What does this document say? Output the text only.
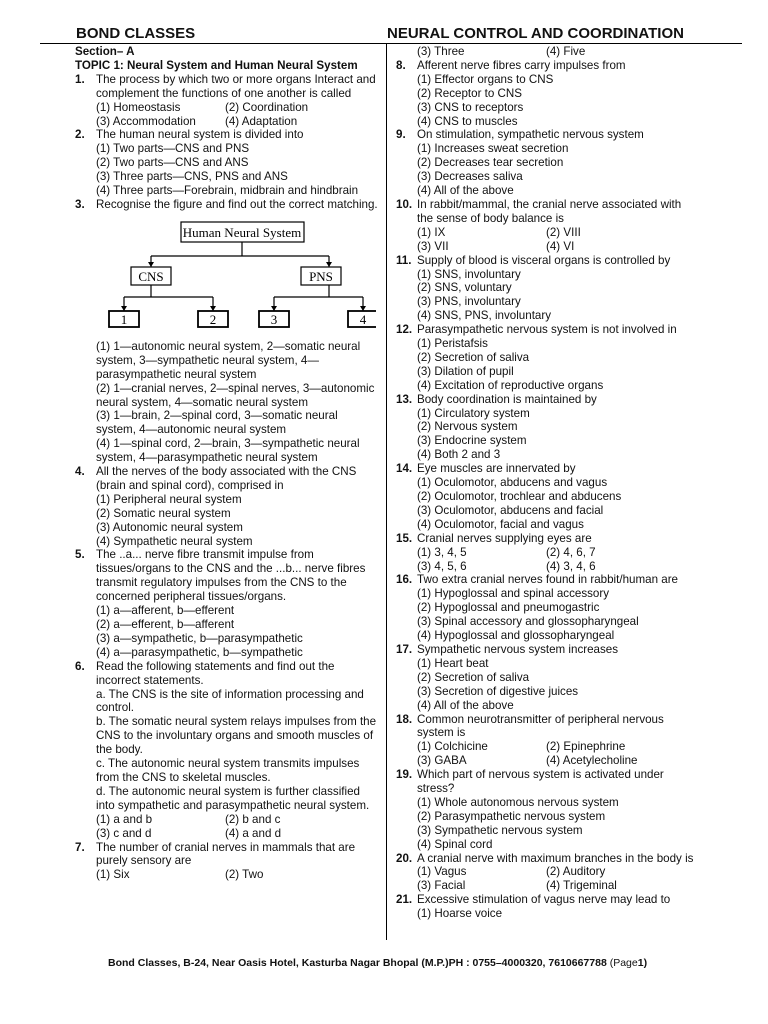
BOND CLASSES	NEURAL CONTROL AND COORDINATION
Section– A
TOPIC 1: Neural System and Human Neural System
1. The process by which two or more organs Interact and complement the functions of one another is called
(1) Homeostasis	(2) Coordination
(3) Accommodation	(4) Adaptation
2. The human neural system is divided into
(1) Two parts—CNS and PNS
(2) Two parts—CNS and ANS
(3) Three parts—CNS, PNS and ANS
(4) Three parts—Forebrain, midbrain and hindbrain
3. Recognise the figure and find out the correct matching.
Human Neural System
CNS	PNS
1	2	3	4
(1) 1—autonomic neural system, 2—somatic neural system, 3—sympathetic neural system, 4—parasympathetic neural system
(2) 1—cranial nerves, 2—spinal nerves, 3—autonomic neural system, 4—somatic neural system
(3) 1—brain, 2—spinal cord, 3—somatic neural system, 4—autonomic neural system
(4) 1—spinal cord, 2—brain, 3—sympathetic neural system, 4—parasympathetic neural system
4. All the nerves of the body associated with the CNS (brain and spinal cord), comprised in
(1) Peripheral neural system
(2) Somatic neural system
(3) Autonomic neural system
(4) Sympathetic neural system
5. The ..a... nerve fibre transmit impulse from tissues/organs to the CNS and the ...b... nerve fibres transmit regulatory impulses from the CNS to the concerned peripheral tissues/organs.
(1) a—afferent, b—efferent
(2) a—efferent, b—afferent
(3) a—sympathetic, b—parasympathetic
(4) a—parasympathetic, b—sympathetic
6. Read the following statements and find out the incorrect statements.
a. The CNS is the site of information processing and control.
b. The somatic neural system relays impulses from the CNS to the involuntary organs and smooth muscles of the body.
c. The autonomic neural system transmits impulses from the CNS to skeletal muscles.
d. The autonomic neural system is further classified into sympathetic and parasympathetic neural system.
(1) a and b	(2) b and c
(3) c and d	(4) a and d
7. The number of cranial nerves in mammals that are purely sensory are
(1) Six	(2) Two
(3) Three	(4) Five
8. Afferent nerve fibres carry impulses from
(1) Effector organs to CNS
(2) Receptor to CNS
(3) CNS to receptors
(4) CNS to muscles
9. On stimulation, sympathetic nervous system
(1) Increases sweat secretion
(2) Decreases tear secretion
(3) Decreases saliva
(4) All of the above
10. In rabbit/mammal, the cranial nerve associated with the sense of body balance is
(1) IX	(2) VIII
(3) VII	(4) VI
11. Supply of blood is visceral organs is controlled by
(1) SNS, involuntary
(2) SNS, voluntary
(3) PNS, involuntary
(4) SNS, PNS, involuntary
12. Parasympathetic nervous system is not involved in
(1) Peristafsis
(2) Secretion of saliva
(3) Dilation of pupil
(4) Excitation of reproductive organs
13. Body coordination is maintained by
(1) Circulatory system
(2) Nervous system
(3) Endocrine system
(4) Both 2 and 3
14. Eye muscles are innervated by
(1) Oculomotor, abducens and vagus
(2) Oculomotor, trochlear and abducens
(3) Oculomotor, abducens and facial
(4) Oculomotor, facial and vagus
15. Cranial nerves supplying eyes are
(1) 3, 4, 5	(2) 4, 6, 7
(3) 4, 5, 6	(4) 3, 4, 6
16. Two extra cranial nerves found in rabbit/human are
(1) Hypoglossal and spinal accessory
(2) Hypoglossal and pneumogastric
(3) Spinal accessory and glossopharyngeal
(4) Hypoglossal and glossopharyngeal
17. Sympathetic nervous system increases
(1) Heart beat
(2) Secretion of saliva
(3) Secretion of digestive juices
(4) All of the above
18. Common neurotransmitter of peripheral nervous system is
(1) Colchicine	(2) Epinephrine
(3) GABA	(4) Acetylecholine
19. Which part of nervous system is activated under stress?
(1) Whole autonomous nervous system
(2) Parasympathetic nervous system
(3) Sympathetic nervous system
(4) Spinal cord
20. A cranial nerve with maximum branches in the body is
(1) Vagus	(2) Auditory
(3) Facial	(4) Trigeminal
21. Excessive stimulation of vagus nerve may lead to
(1) Hoarse voice
Bond Classes, B-24, Near Oasis Hotel, Kasturba Nagar Bhopal (M.P.)PH : 0755–4000320, 7610667788 (Page1)
